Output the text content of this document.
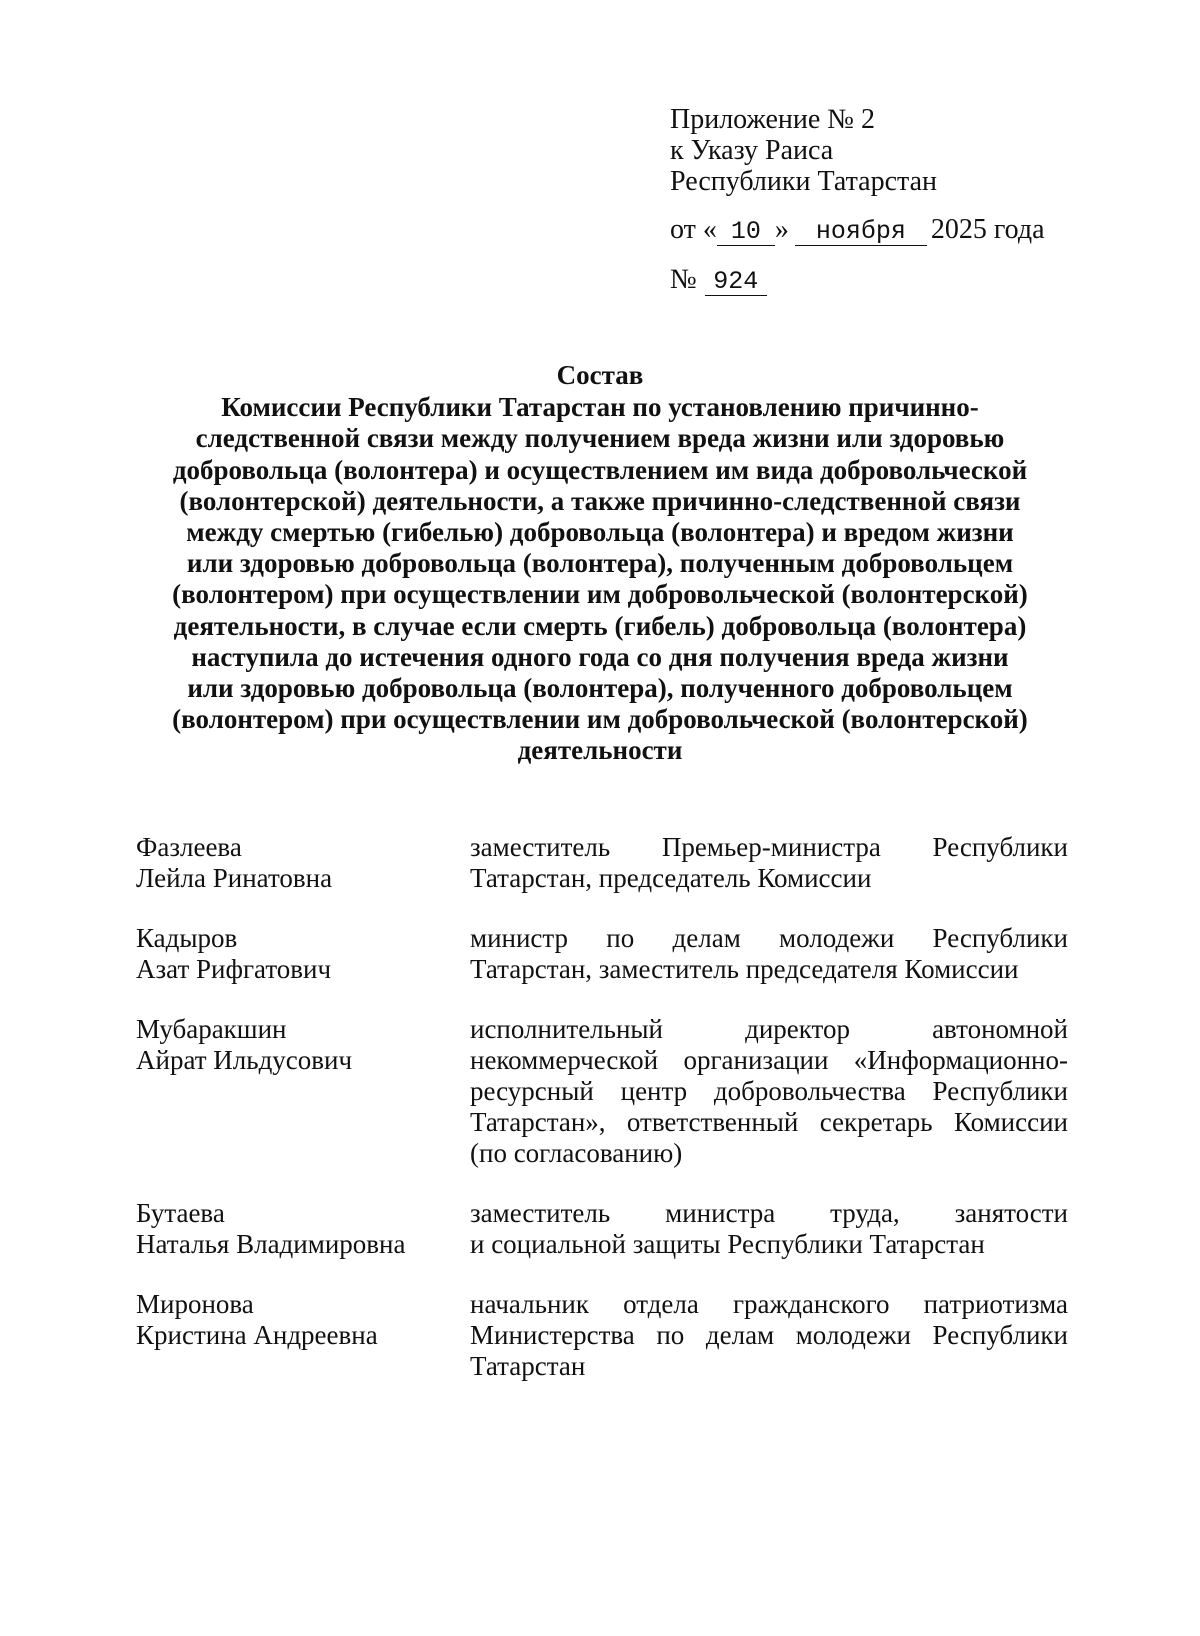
Приложение № 2
к Указу Раиса
Республики Татарстан
от « 10 » ноября 2025 года
№ 924
Состав
Комиссии Республики Татарстан по установлению причинно-
следственной связи между получением вреда жизни или здоровью
добровольца (волонтера) и осуществлением им вида добровольческой
(волонтерской) деятельности, а также причинно-следственной связи
между смертью (гибелью) добровольца (волонтера) и вредом жизни
или здоровью добровольца (волонтера), полученным добровольцем
(волонтером) при осуществлении им добровольческой (волонтерской)
деятельности, в случае если смерть (гибель) добровольца (волонтера)
наступила до истечения одного года со дня получения вреда жизни
или здоровью добровольца (волонтера), полученного добровольцем
(волонтером) при осуществлении им добровольческой (волонтерской)
деятельности
Фазлеева
Лейла Ринатовна
заместитель Премьер-министра Республики
Татарстан, председатель Комиссии
Кадыров
Азат Рифгатович
министр по делам молодежи Республики
Татарстан, заместитель председателя Комиссии
Мубаракшин
Айрат Ильдусович
исполнительный директор автономной
некоммерческой организации «Информационно-
ресурсный центр добровольчества Республики
Татарстан», ответственный секретарь Комиссии
(по согласованию)
Бутаева
Наталья Владимировна
заместитель министра труда, занятости
и социальной защиты Республики Татарстан
Миронова
Кристина Андреевна
начальник отдела гражданского патриотизма
Министерства по делам молодежи Республики
Татарстан
